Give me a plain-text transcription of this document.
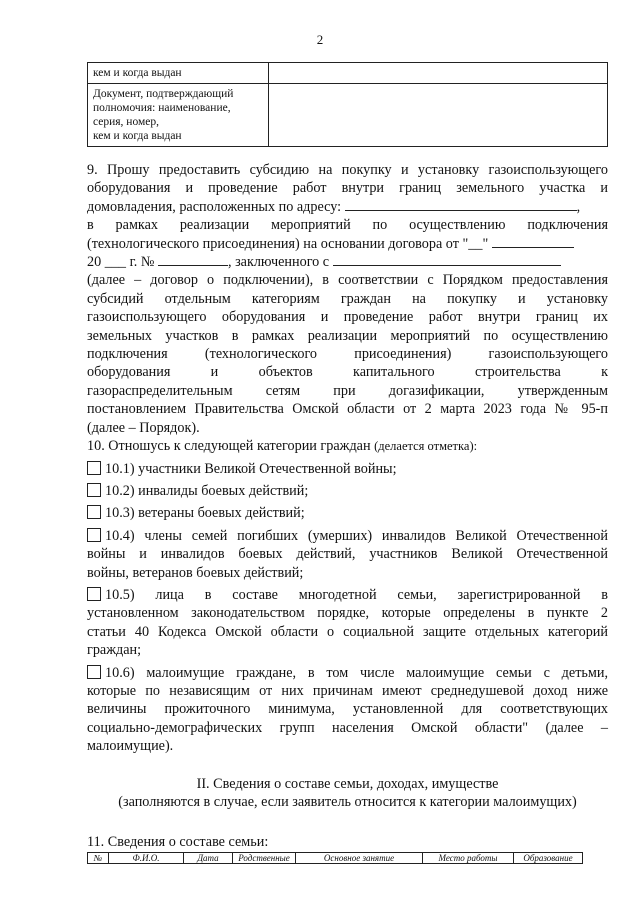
2
кем и когда выдан	
Документ, подтверждающий
полномочия: наименование,
серия, номер,
кем и когда выдан	

9. Прошу предоставить субсидию на покупку и установку газоиспользующего

оборудования и проведение работ внутри границ земельного участка и

домовладения, расположенных по адресу:	,

в рамках реализации мероприятий по осуществлению подключения

(технологического присоединения) на основании договора от "__"

20 ___ г. №	, заключенного с

(далее – договор о подключении), в соответствии с Порядком предоставления

субсидий отдельным категориям граждан на покупку и установку

газоиспользующего оборудования и проведение работ внутри границ их

земельных участков в рамках реализации мероприятий по осуществлению

подключения (технологического присоединения) газоиспользующего

оборудования и объектов капитального строительства к

газораспределительным сетям при догазификации, утвержденным

постановлением Правительства Омской области от 2 марта 2023 года № 95-п

(далее – Порядок).

10. Отношусь к следующей категории граждан (делается отметка):

10.1) участники Великой Отечественной войны;

10.2) инвалиды боевых действий;

10.3) ветераны боевых действий;

10.4) члены семей погибших (умерших) инвалидов Великой Отечественной

войны и инвалидов боевых действий, участников Великой Отечественной

войны, ветеранов боевых действий;

10.5) лица в составе многодетной семьи, зарегистрированной в

установленном законодательством порядке, которые определены в пункте 2

статьи 40 Кодекса Омской области о социальной защите отдельных категорий

граждан;

10.6) малоимущие граждане, в том числе малоимущие семьи с детьми,

которые по независящим от них причинам имеют среднедушевой доход ниже

величины прожиточного минимума, установленной для соответствующих

социально-демографических групп населения Омской области" (далее –

малоимущие).

II. Сведения о составе семьи, доходах, имуществе

(заполняются в случае, если заявитель относится к категории малоимущих)

11. Сведения о составе семьи:

№	Ф.И.О.	Дата	Родственные	Основное занятие	Место работы	Образование
